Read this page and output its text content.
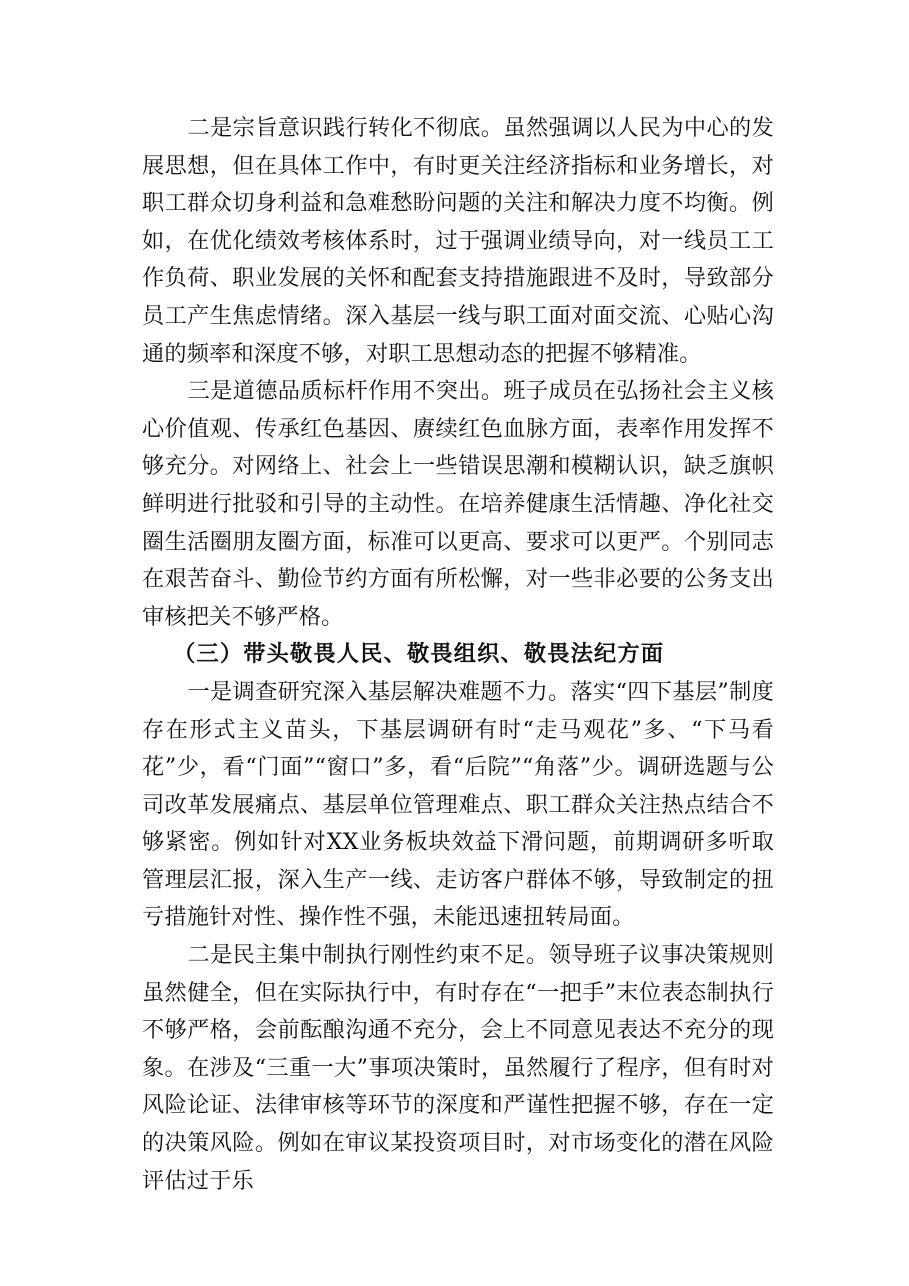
二是宗旨意识践行转化不彻底。虽然强调以人民为中心的发展思想，但在具体工作中，有时更关注经济指标和业务增长，对职工群众切身利益和急难愁盼问题的关注和解决力度不均衡。例如，在优化绩效考核体系时，过于强调业绩导向，对一线员工工作负荷、职业发展的关怀和配套支持措施跟进不及时，导致部分员工产生焦虑情绪。深入基层一线与职工面对面交流、心贴心沟通的频率和深度不够，对职工思想动态的把握不够精准。

三是道德品质标杆作用不突出。班子成员在弘扬社会主义核心价值观、传承红色基因、赓续红色血脉方面，表率作用发挥不够充分。对网络上、社会上一些错误思潮和模糊认识，缺乏旗帜鲜明进行批驳和引导的主动性。在培养健康生活情趣、净化社交圈生活圈朋友圈方面，标准可以更高、要求可以更严。个别同志在艰苦奋斗、勤俭节约方面有所松懈，对一些非必要的公务支出审核把关不够严格。

（三）带头敬畏人民、敬畏组织、敬畏法纪方面

一是调查研究深入基层解决难题不力。落实“四下基层”制度存在形式主义苗头，下基层调研有时“走马观花”多、“下马看花”少，看“门面”“窗口”多，看“后院”“角落”少。调研选题与公司改革发展痛点、基层单位管理难点、职工群众关注热点结合不够紧密。例如针对XX业务板块效益下滑问题，前期调研多听取管理层汇报，深入生产一线、走访客户群体不够，导致制定的扭亏措施针对性、操作性不强，未能迅速扭转局面。

二是民主集中制执行刚性约束不足。领导班子议事决策规则虽然健全，但在实际执行中，有时存在“一把手”末位表态制执行不够严格，会前酝酿沟通不充分，会上不同意见表达不充分的现象。在涉及“三重一大”事项决策时，虽然履行了程序，但有时对风险论证、法律审核等环节的深度和严谨性把握不够，存在一定的决策风险。例如在审议某投资项目时，对市场变化的潜在风险评估过于乐
